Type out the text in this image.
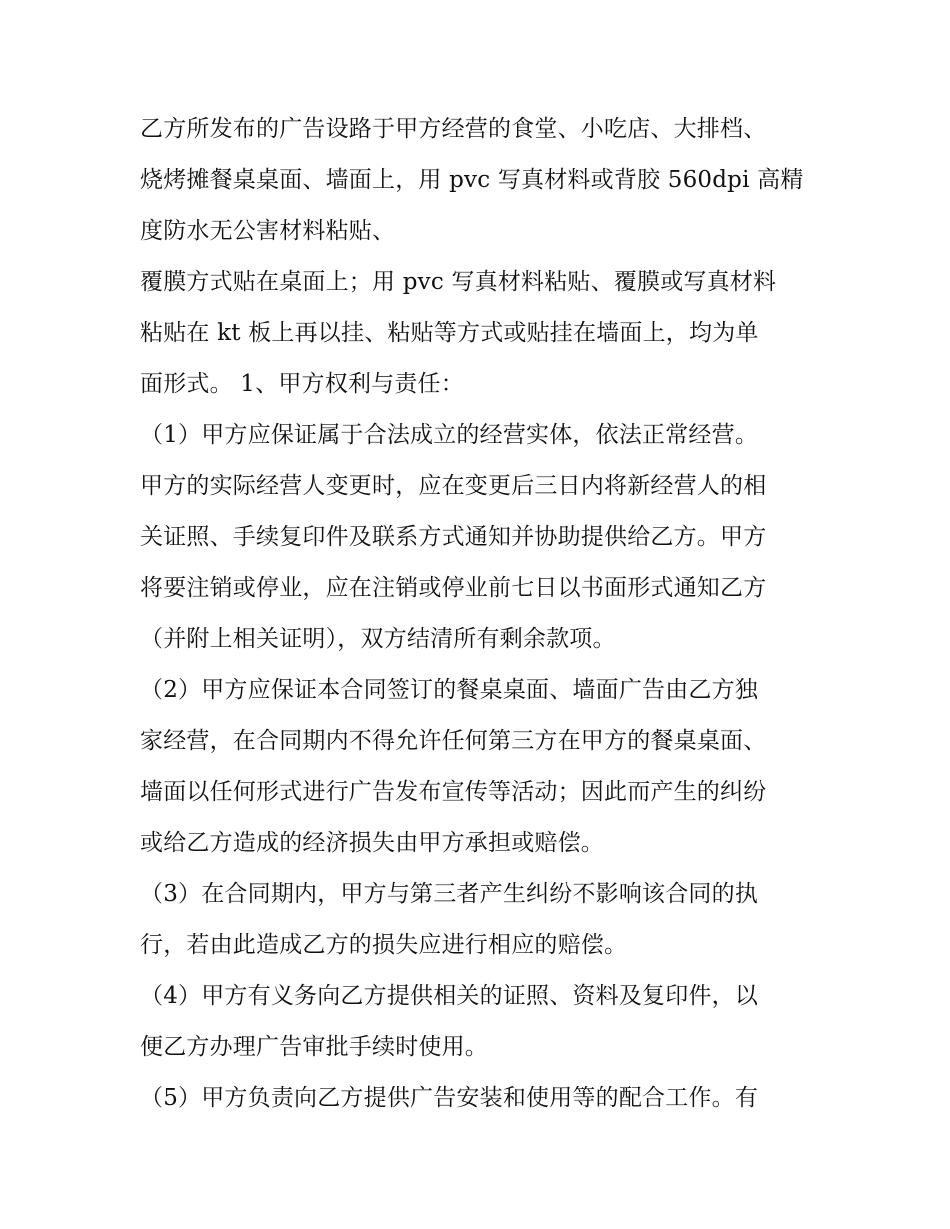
乙方所发布的广告设路于甲方经营的食堂、小吃店、大排档、
烧烤摊餐桌桌面、墙面上，用 pvc 写真材料或背胶 560dpi 高精
度防水无公害材料粘贴、
覆膜方式贴在桌面上；用 pvc 写真材料粘贴、覆膜或写真材料
粘贴在 kt 板上再以挂、粘贴等方式或贴挂在墙面上，均为单
面形式。 1、甲方权利与责任：
（1）甲方应保证属于合法成立的经营实体，依法正常经营。
甲方的实际经营人变更时，应在变更后三日内将新经营人的相
关证照、手续复印件及联系方式通知并协助提供给乙方。甲方
将要注销或停业，应在注销或停业前七日以书面形式通知乙方
（并附上相关证明），双方结清所有剩余款项。
（2）甲方应保证本合同签订的餐桌桌面、墙面广告由乙方独
家经营，在合同期内不得允许任何第三方在甲方的餐桌桌面、
墙面以任何形式进行广告发布宣传等活动；因此而产生的纠纷
或给乙方造成的经济损失由甲方承担或赔偿。
（3）在合同期内，甲方与第三者产生纠纷不影响该合同的执
行，若由此造成乙方的损失应进行相应的赔偿。
（4）甲方有义务向乙方提供相关的证照、资料及复印件，以
便乙方办理广告审批手续时使用。
（5）甲方负责向乙方提供广告安装和使用等的配合工作。有
